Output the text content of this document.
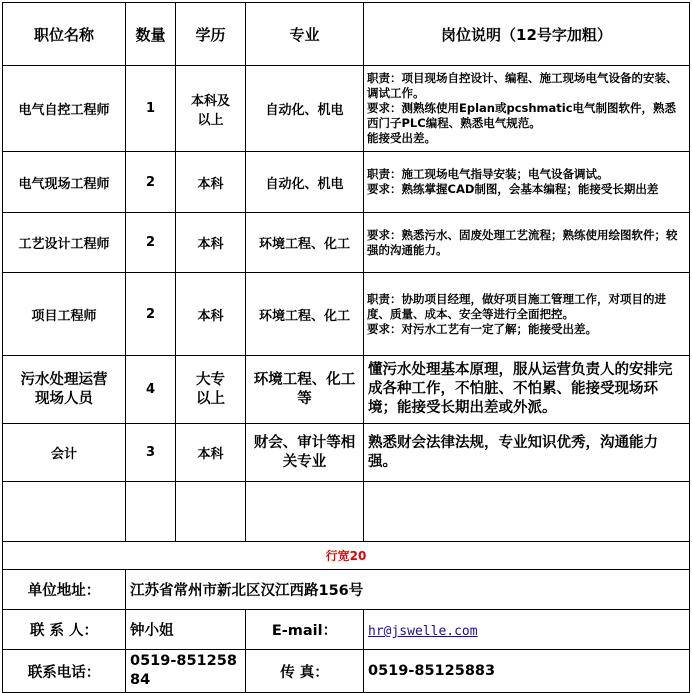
职位名称	数量	学历	专业	岗位说明（12号字加粗）
电气自控工程师	1	本科及以上	自动化、机电	职责：项目现场自控设计、编程、施工现场电气设备的安装、调试工作。
要求：测熟练使用Eplan或pcshmatic电气制图软件，熟悉西门子PLC编程、熟悉电气规范。
能接受出差。
电气现场工程师	2	本科	自动化、机电	职责：施工现场电气指导安装；电气设备调试。
要求：熟练掌握CAD制图，会基本编程；能接受长期出差
工艺设计工程师	2	本科	环境工程、化工	要求：熟悉污水、固废处理工艺流程；熟练使用绘图软件；较强的沟通能力。
项目工程师	2	本科	环境工程、化工	职责：协助项目经理，做好项目施工管理工作，对项目的进度、质量、成本、安全等进行全面把控。
要求：对污水工艺有一定了解；能接受出差。
污水处理运营现场人员	4	大专以上	环境工程、化工等	懂污水处理基本原理，服从运营负责人的安排完成各种工作，不怕脏、不怕累、能接受现场环境；能接受长期出差或外派。
会计	3	本科	财会、审计等相关专业	熟悉财会法律法规，专业知识优秀，沟通能力强。

行宽20				
单位地址：	江苏省常州市新北区汉江西路156号			
联 系 人：	钟小姐		E-mail：	hr@jswelle.com
联系电话：	0519-85125884		传 真：	0519-85125883
